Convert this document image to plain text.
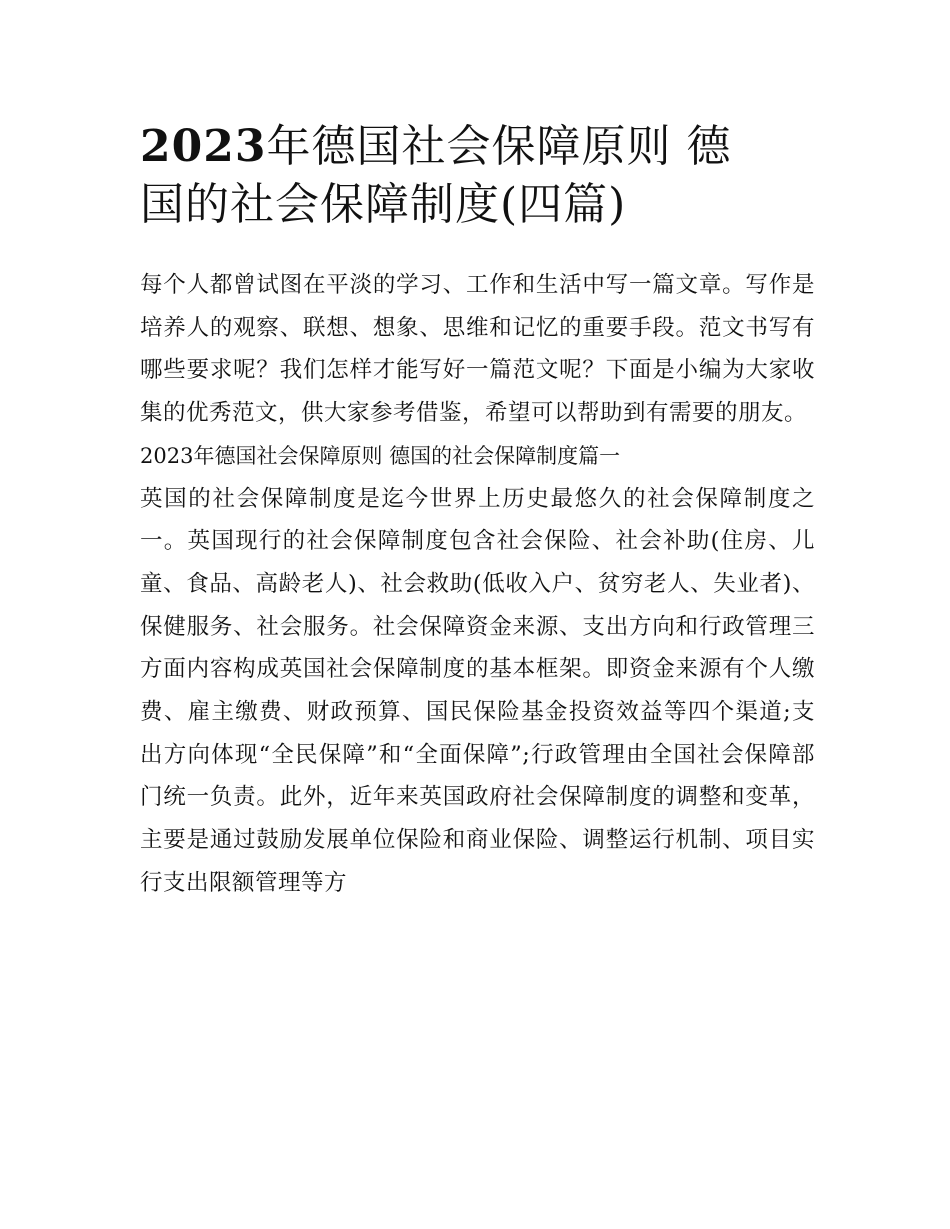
2023年德国社会保障原则 德
国的社会保障制度(四篇)

每个人都曾试图在平淡的学习、工作和生活中写一篇文章。写作是培养人的观察、联想、想象、思维和记忆的重要手段。范文书写有哪些要求呢？我们怎样才能写好一篇范文呢？下面是小编为大家收集的优秀范文，供大家参考借鉴，希望可以帮助到有需要的朋友。

2023年德国社会保障原则 德国的社会保障制度篇一

英国的社会保障制度是迄今世界上历史最悠久的社会保障制度之一。英国现行的社会保障制度包含社会保险、社会补助(住房、儿童、食品、高龄老人)、社会救助(低收入户、贫穷老人、失业者)、保健服务、社会服务。社会保障资金来源、支出方向和行政管理三方面内容构成英国社会保障制度的基本框架。即资金来源有个人缴费、雇主缴费、财政预算、国民保险基金投资效益等四个渠道;支出方向体现“全民保障”和“全面保障”;行政管理由全国社会保障部门统一负责。此外，近年来英国政府社会保障制度的调整和变革，主要是通过鼓励发展单位保险和商业保险、调整运行机制、项目实行支出限额管理等方
